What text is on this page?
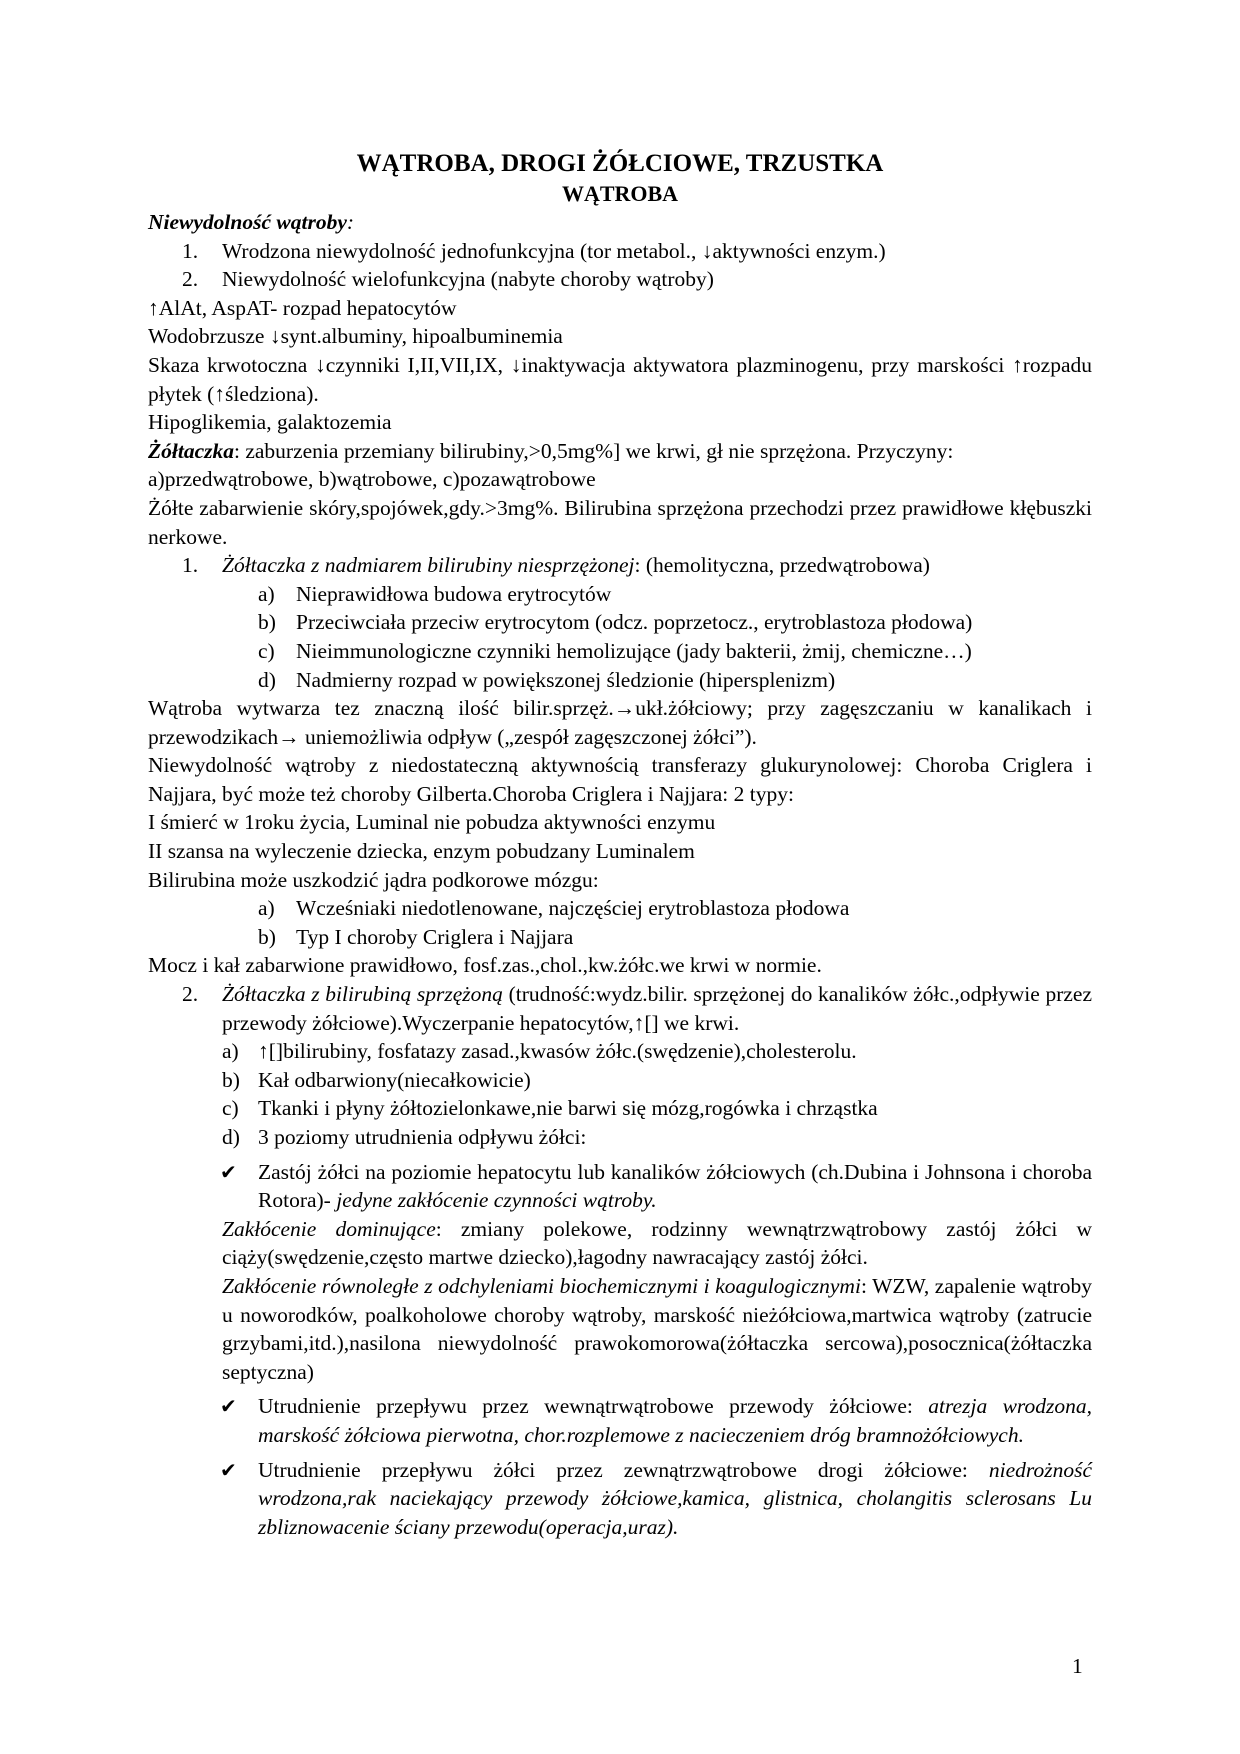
WĄTROBA, DROGI ŻÓŁCIOWE, TRZUSTKA
WĄTROBA

Niewydolność wątroby:

1. Wrodzona niewydolność jednofunkcyjna (tor metabol., ↓aktywności enzym.)
2. Niewydolność wielofunkcyjna (nabyte choroby wątroby)

↑AlAt, AspAT- rozpad hepatocytów

Wodobrzusze ↓synt.albuminy, hipoalbuminemia

Skaza krwotoczna ↓czynniki I,II,VII,IX, ↓inaktywacja aktywatora plazminogenu, przy marskości ↑rozpadu płytek (↑śledziona).

Hipoglikemia, galaktozemia

Żółtaczka: zaburzenia przemiany bilirubiny,>0,5mg%] we krwi, gł nie sprzężona. Przyczyny: a)przedwątrobowe, b)wątrobowe, c)pozawątrobowe

Żółte zabarwienie skóry,spojówek,gdy.>3mg%. Bilirubina sprzężona przechodzi przez prawidłowe kłębuszki nerkowe.

1. Żółtaczka z nadmiarem bilirubiny niesprzężonej: (hemolityczna, przedwątrobowa)
a) Nieprawidłowa budowa erytrocytów
b) Przeciwciała przeciw erytrocytom (odcz. poprzetocz., erytroblastoza płodowa)
c) Nieimmunologiczne czynniki hemolizujące (jady bakterii, żmij, chemiczne…)
d) Nadmierny rozpad w powiększonej śledzionie (hipersplenizm)

Wątroba wytwarza tez znaczną ilość bilir.sprzęż.→ukł.żółciowy; przy zagęszczaniu w kanalikach i przewodzikach→ uniemożliwia odpływ („zespół zagęszczonej żółci”).

Niewydolność wątroby z niedostateczną aktywnością transferazy glukurynolowej: Choroba Criglera i Najjara, być może też choroby Gilberta.Choroba Criglera i Najjara: 2 typy:

I śmierć w 1roku życia, Luminal nie pobudza aktywności enzymu

II szansa na wyleczenie dziecka, enzym pobudzany Luminalem

Bilirubina może uszkodzić jądra podkorowe mózgu:

a) Wcześniaki niedotlenowane, najczęściej erytroblastoza płodowa
b) Typ I choroby Criglera i Najjara

Mocz i kał zabarwione prawidłowo, fosf.zas.,chol.,kw.żółc.we krwi w normie.

2. Żółtaczka z bilirubiną sprzężoną (trudność:wydz.bilir. sprzężonej do kanalików żółc.,odpływie przez przewody żółciowe).Wyczerpanie hepatocytów,↑[] we krwi.
a) ↑[]bilirubiny, fosfatazy zasad.,kwasów żółc.(swędzenie),cholesterolu.
b) Kał odbarwiony(niecałkowicie)
c) Tkanki i płyny żółtozielonkawe,nie barwi się mózg,rogówka i chrząstka
d) 3 poziomy utrudnienia odpływu żółci:
✔ Zastój żółci na poziomie hepatocytu lub kanalików żółciowych (ch.Dubina i Johnsona i choroba Rotora)- jedyne zakłócenie czynności wątroby.

Zakłócenie dominujące: zmiany polekowe, rodzinny wewnątrzwątrobowy zastój żółci w ciąży(swędzenie,często martwe dziecko),łagodny nawracający zastój żółci.

Zakłócenie równoległe z odchyleniami biochemicznymi i koagulogicznymi: WZW, zapalenie wątroby u noworodków, poalkoholowe choroby wątroby, marskość nieżółciowa,martwica wątroby (zatrucie grzybami,itd.),nasilona niewydolność prawokomorowa(żółtaczka sercowa),posocznica(żółtaczka septyczna)

✔ Utrudnienie przepływu przez wewnątrwątrobowe przewody żółciowe: atrezja wrodzona, marskość żółciowa pierwotna, chor.rozplemowe z nacieczeniem dróg bramnożółciowych.
✔ Utrudnienie przepływu żółci przez zewnątrzwątrobowe drogi żółciowe: niedrożność wrodzona,rak naciekający przewody żółciowe,kamica, glistnica, cholangitis sclerosans Lu zbliznowacenie ściany przewodu(operacja,uraz).
1
